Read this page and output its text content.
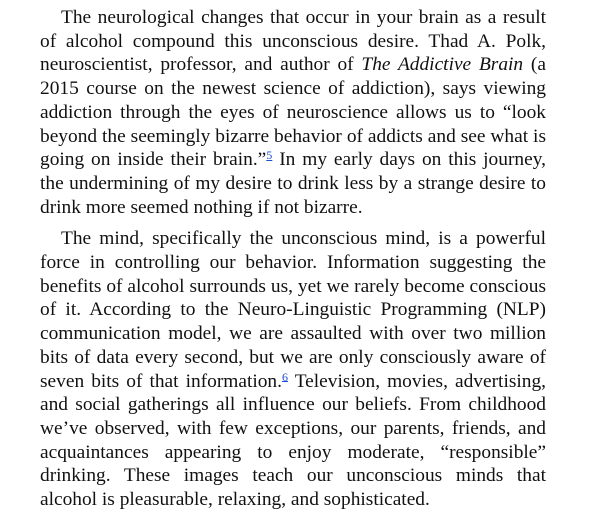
The neurological changes that occur in your brain as a result of alcohol compound this unconscious desire. Thad A. Polk, neuroscientist, professor, and author of The Addictive Brain (a 2015 course on the newest science of addiction), says viewing addiction through the eyes of neuroscience allows us to “look beyond the seemingly bizarre behavior of addicts and see what is going on inside their brain.”$^5$ In my early days on this journey, the undermining of my desire to drink less by a strange desire to drink more seemed nothing if not bizarre.

The mind, specifically the unconscious mind, is a powerful force in controlling our behavior. Information suggesting the benefits of alcohol surrounds us, yet we rarely become conscious of it. According to the Neuro-Linguistic Programming (NLP) communication model, we are assaulted with over two million bits of data every second, but we are only consciously aware of seven bits of that information.$^6$ Television, movies, advertising, and social gatherings all influence our beliefs. From childhood we’ve observed, with few exceptions, our parents, friends, and acquaintances appearing to enjoy moderate, “responsible” drinking. These images teach our unconscious minds that alcohol is pleasurable, relaxing, and sophisticated.
